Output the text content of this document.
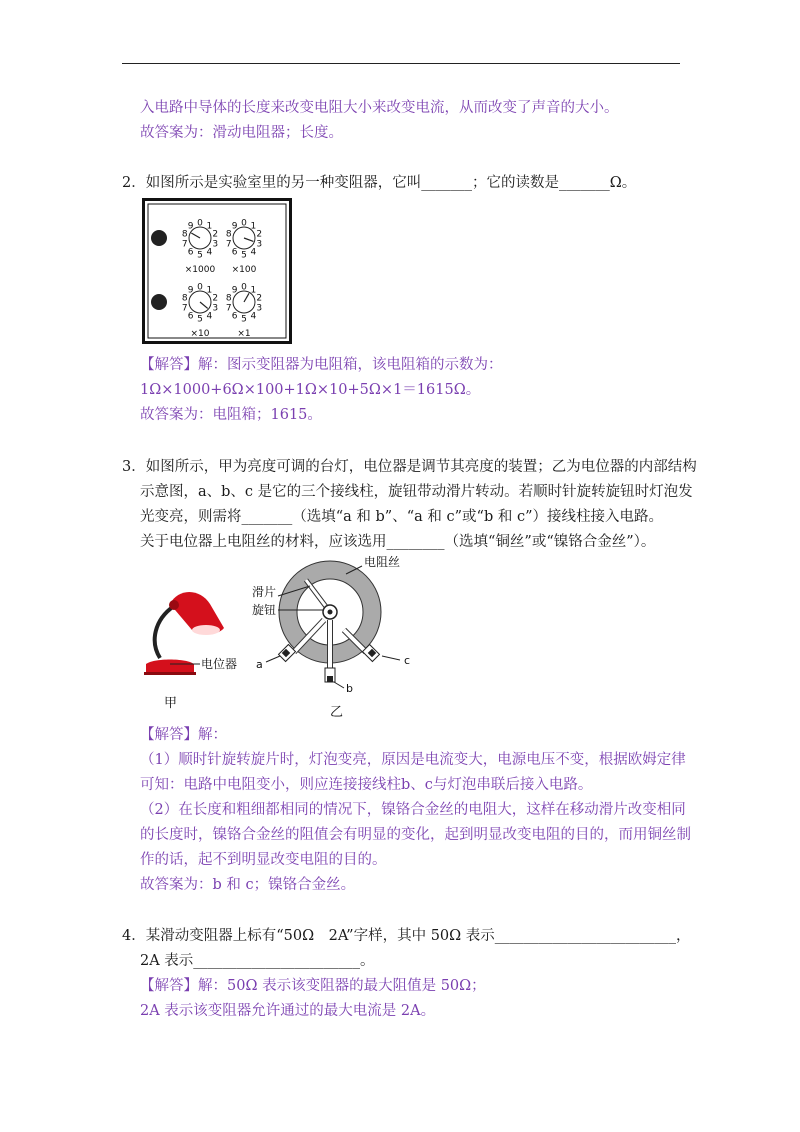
入电路中导体的长度来改变电阻大小来改变电流，从而改变了声音的大小。
故答案为：滑动电阻器；长度。
2．如图所示是实验室里的另一种变阻器，它叫_______；它的读数是_______Ω。
0 1
2
3
4
5
6
7
8
9
×1000
0 1
2
3
4
5
6
7
8
9
×100
0 1
2
3
4
5
6
7
8
9
×10
0 1
2
3
4
5
6
7
8
9
×1
【解答】解：图示变阻器为电阻箱，该电阻箱的示数为：
1Ω×1000+6Ω×100+1Ω×10+5Ω×1＝1615Ω。
故答案为：电阻箱；1615。
3．如图所示，甲为亮度可调的台灯，电位器是调节其亮度的装置；乙为电位器的内部结构
示意图，a、b、c 是它的三个接线柱，旋钮带动滑片转动。若顺时针旋转旋钮时灯泡发
光变亮，则需将_______（选填“a 和 b”、“a 和 c”或“b 和 c”）接线柱接入电路。
关于电位器上电阻丝的材料，应该选用________（选填“铜丝”或“镍铬合金丝”）。
电位器
甲
电阻丝
滑片
旋钮
a
b
c
乙
【解答】解：
（1）顺时针旋转旋片时，灯泡变亮，原因是电流变大，电源电压不变，根据欧姆定律
可知：电路中电阻变小，则应连接接线柱b、c与灯泡串联后接入电路。
（2）在长度和粗细都相同的情况下，镍铬合金丝的电阻大，这样在移动滑片改变相同
的长度时，镍铬合金丝的阻值会有明显的变化，起到明显改变电阻的目的，而用铜丝制
作的话，起不到明显改变电阻的目的。
故答案为：b 和 c；镍铬合金丝。
4．某滑动变阻器上标有“50Ω　2A”字样，其中 50Ω 表示_________________________，
2A 表示_______________________。
【解答】解：50Ω 表示该变阻器的最大阻值是 50Ω；
2A 表示该变阻器允许通过的最大电流是 2A。
